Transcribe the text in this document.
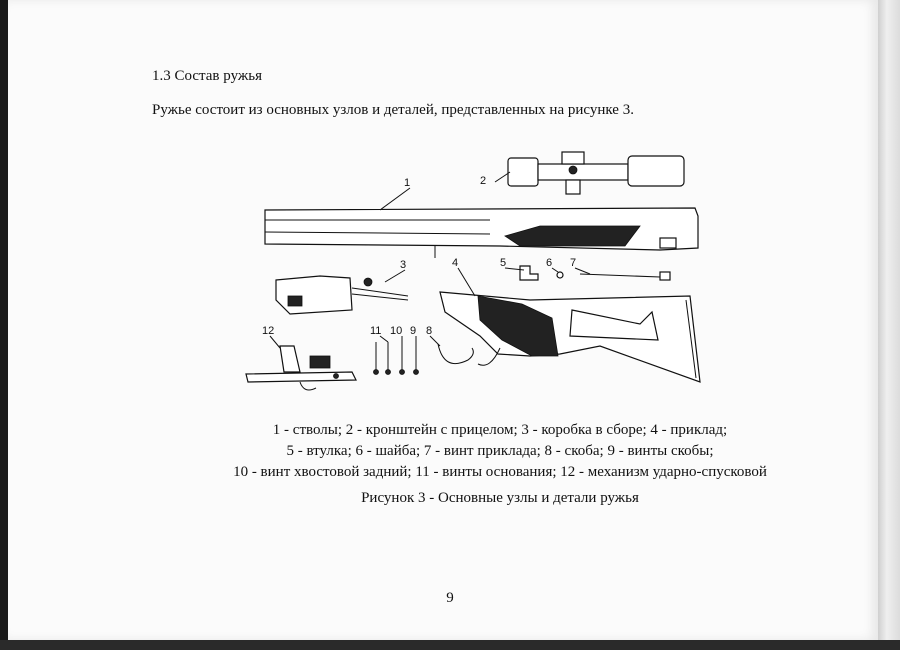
1.3 Состав ружья
Ружье состоит из основных узлов и деталей, представленных на рисунке 3.
1	2
3	4	5	6 7
8
9
10
11
12
1 - стволы; 2 - кронштейн с прицелом; 3 - коробка в сборе; 4 - приклад;
5 - втулка; 6 - шайба; 7 - винт приклада; 8 - скоба; 9 - винты скобы;
10 - винт хвостовой задний; 11 - винты основания; 12 - механизм ударно-спусковой
Рисунок 3 - Основные узлы и детали ружья
9
